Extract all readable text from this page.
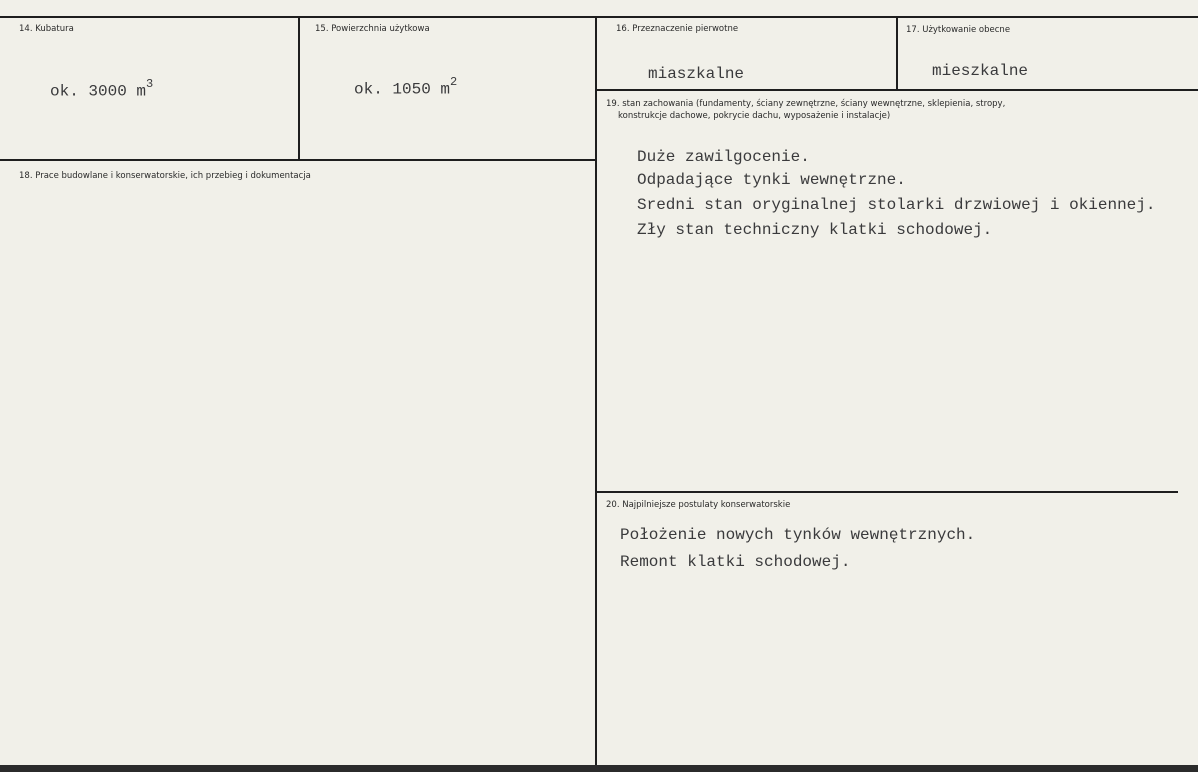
14. Kubatura
ok. 3000 $m^3$
15. Powierzchnia użytkowa
ok. 1050 $m^2$
16. Przeznaczenie pierwotne
miaszkalne
17. Użytkowanie obecne
mieszkalne
18. Prace budowlane i konserwatorskie, ich przebieg i dokumentacja
19. stan zachowania (fundamenty, ściany zewnętrzne, ściany wewnętrzne, sklepienia, stropy,
konstrukcje dachowe, pokrycie dachu, wyposażenie i instalacje)
Duże zawilgocenie.
Odpadające tynki wewnętrzne.
Sredni stan oryginalnej stolarki drzwiowej i okiennej.
Zły stan techniczny klatki schodowej.
20. Najpilniejsze postulaty konserwatorskie
Położenie nowych tynków wewnętrznych.
Remont klatki schodowej.
